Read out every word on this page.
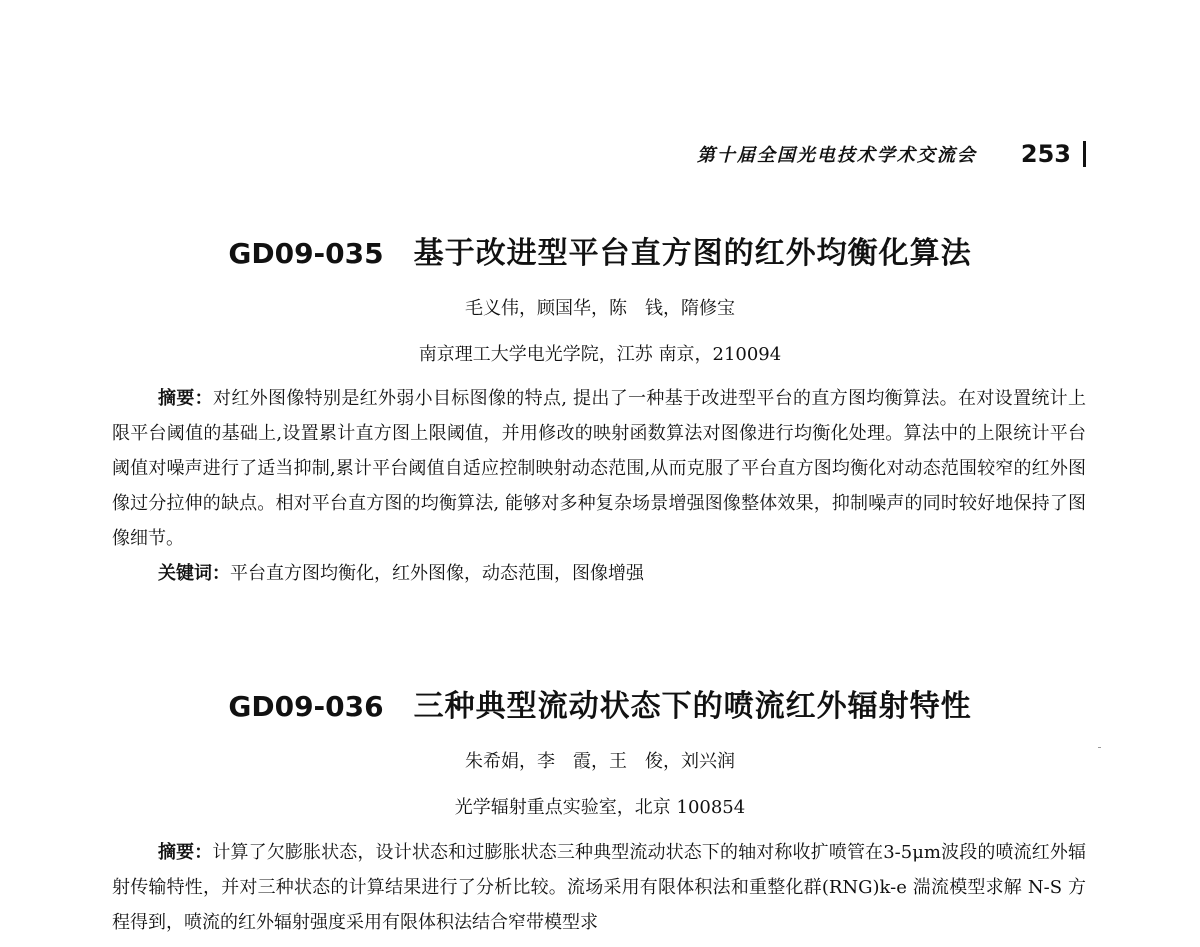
第十届全国光电技术学术交流会 253
GD09-035 基于改进型平台直方图的红外均衡化算法
毛义伟，顾国华，陈　钱，隋修宝
南京理工大学电光学院，江苏 南京，210094

摘要：对红外图像特别是红外弱小目标图像的特点, 提出了一种基于改进型平台的直方图均衡算法。在对设置统计上限平台阈值的基础上,设置累计直方图上限阈值，并用修改的映射函数算法对图像进行均衡化处理。算法中的上限统计平台阈值对噪声进行了适当抑制,累计平台阈值自适应控制映射动态范围,从而克服了平台直方图均衡化对动态范围较窄的红外图像过分拉伸的缺点。相对平台直方图的均衡算法, 能够对多种复杂场景增强图像整体效果，抑制噪声的同时较好地保持了图像细节。

关键词：平台直方图均衡化，红外图像，动态范围，图像增强
GD09-036 三种典型流动状态下的喷流红外辐射特性
朱希娟，李　霞，王　俊，刘兴润
光学辐射重点实验室，北京 100854

摘要：计算了欠膨胀状态，设计状态和过膨胀状态三种典型流动状态下的轴对称收扩喷管在3-5μm波段的喷流红外辐射传输特性，并对三种状态的计算结果进行了分析比较。流场采用有限体积法和重整化群(RNG)k-e 湍流模型求解 N-S 方程得到，喷流的红外辐射强度采用有限体积法结合窄带模型求
